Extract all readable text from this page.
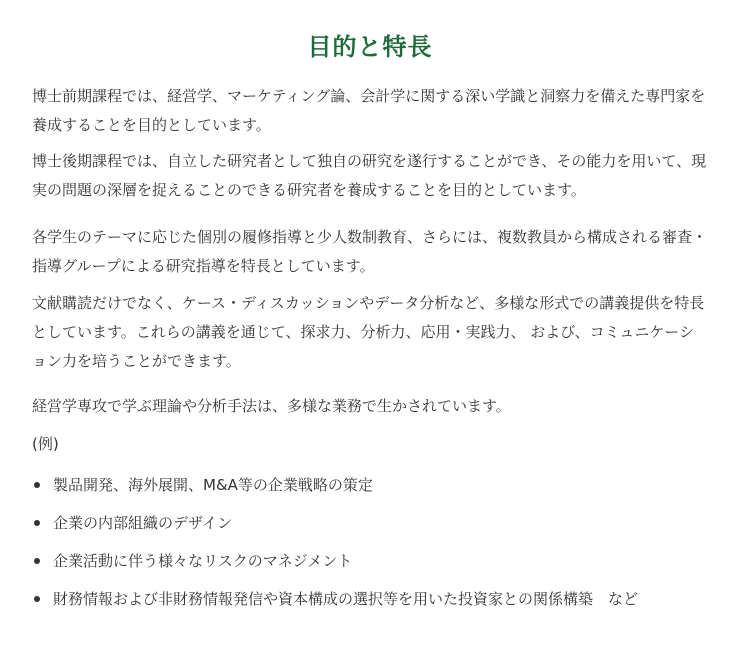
目的と特長

博士前期課程では、経営学、マーケティング論、会計学に関する深い学識と洞察力を備えた専門家を養成することを目的としています。

博士後期課程では、自立した研究者として独自の研究を遂行することができ、その能力を用いて、現実の問題の深層を捉えることのできる研究者を養成することを目的としています。

各学生のテーマに応じた個別の履修指導と少人数制教育、さらには、複数教員から構成される審査・指導グループによる研究指導を特長としています。

文献購読だけでなく、ケース・ディスカッションやデータ分析など、多様な形式での講義提供を特長としています。これらの講義を通じて、探求力、分析力、応用・実践力、 および、コミュニケーション力を培うことができます。

経営学専攻で学ぶ理論や分析手法は、多様な業務で生かされています。

(例)

製品開発、海外展開、M&A等の企業戦略の策定
企業の内部組織のデザイン
企業活動に伴う様々なリスクのマネジメント
財務情報および非財務情報発信や資本構成の選択等を用いた投資家との関係構築　など
